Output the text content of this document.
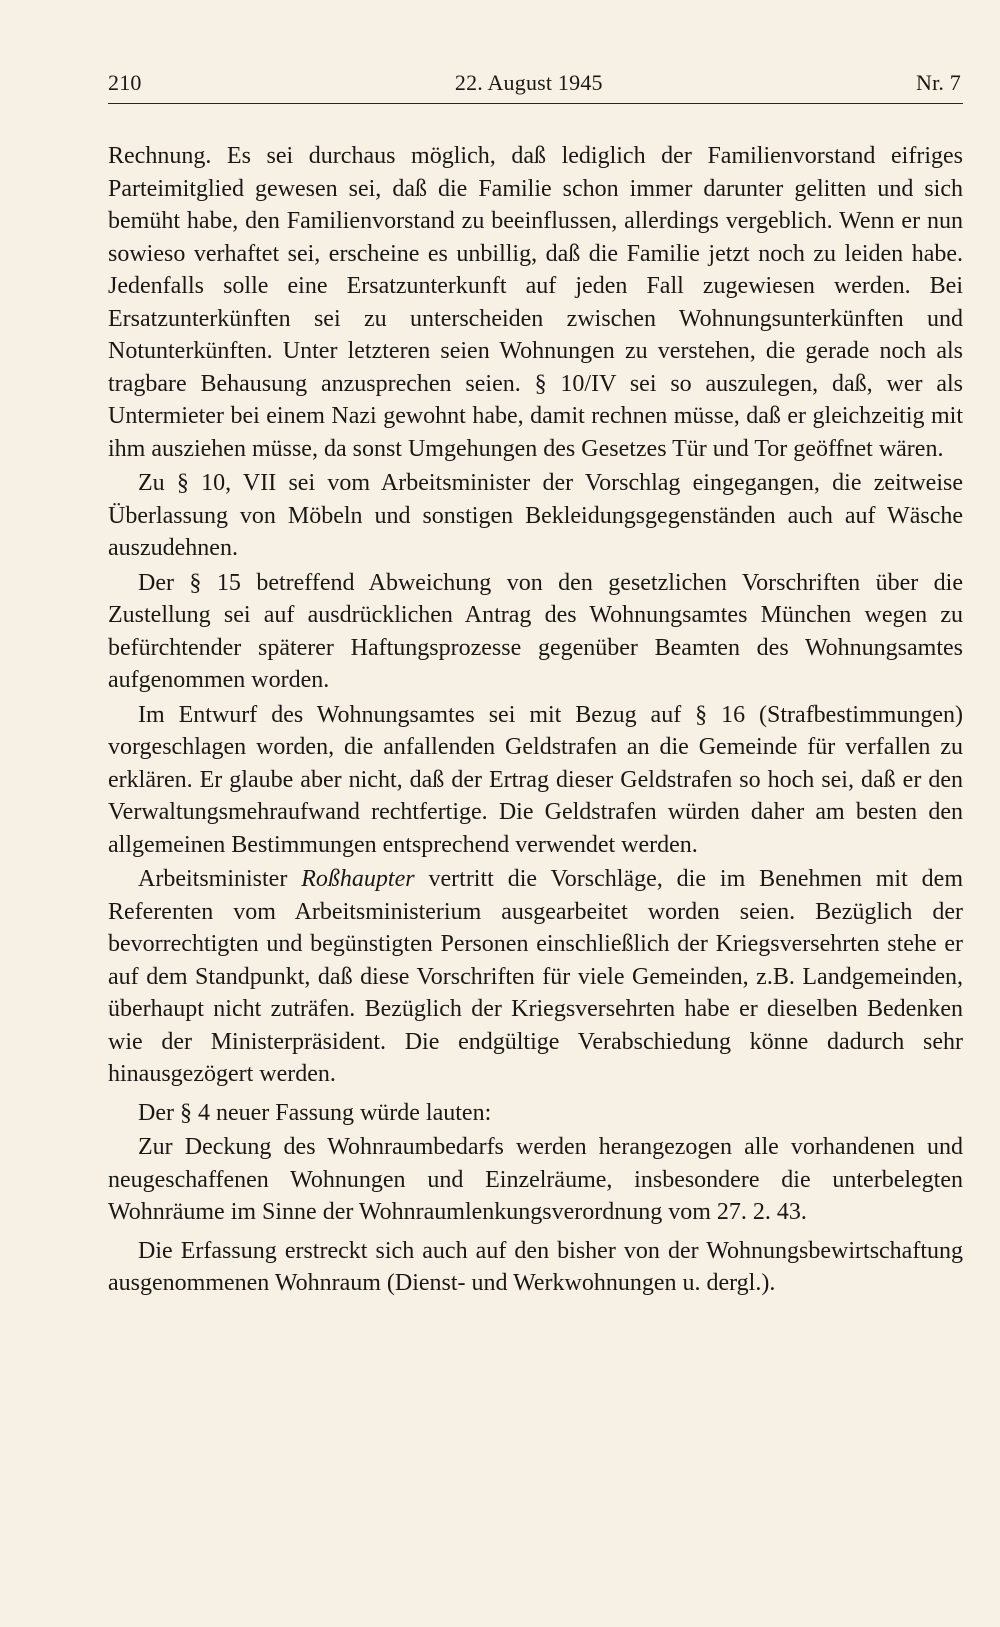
210	22. August 1945	Nr. 7

Rechnung. Es sei durchaus möglich, daß lediglich der Familienvorstand eifriges Parteimitglied gewesen sei, daß die Familie schon immer darunter gelitten und sich bemüht habe, den Familienvorstand zu beeinflussen, allerdings vergeblich. Wenn er nun sowieso verhaftet sei, erscheine es unbillig, daß die Familie jetzt noch zu leiden habe. Jedenfalls solle eine Ersatzunterkunft auf jeden Fall zugewiesen werden. Bei Ersatzunterkünften sei zu unterscheiden zwischen Wohnungsunterkünften und Notunterkünften. Unter letzteren seien Wohnungen zu verstehen, die gerade noch als tragbare Behausung anzusprechen seien. § 10/IV sei so auszulegen, daß, wer als Untermieter bei einem Nazi gewohnt habe, damit rechnen müsse, daß er gleichzeitig mit ihm ausziehen müsse, da sonst Umgehungen des Gesetzes Tür und Tor geöffnet wären.

Zu § 10, VII sei vom Arbeitsminister der Vorschlag eingegangen, die zeitweise Überlassung von Möbeln und sonstigen Bekleidungsgegenständen auch auf Wäsche auszudehnen.

Der § 15 betreffend Abweichung von den gesetzlichen Vorschriften über die Zustellung sei auf ausdrücklichen Antrag des Wohnungsamtes München wegen zu befürchtender späterer Haftungsprozesse gegenüber Beamten des Wohnungsamtes aufgenommen worden.

Im Entwurf des Wohnungsamtes sei mit Bezug auf § 16 (Strafbestimmungen) vorgeschlagen worden, die anfallenden Geldstrafen an die Gemeinde für verfallen zu erklären. Er glaube aber nicht, daß der Ertrag dieser Geldstrafen so hoch sei, daß er den Verwaltungsmehraufwand rechtfertige. Die Geldstrafen würden daher am besten den allgemeinen Bestimmungen entsprechend verwendet werden.

Arbeitsminister Roßhaupter vertritt die Vorschläge, die im Benehmen mit dem Referenten vom Arbeitsministerium ausgearbeitet worden seien. Bezüglich der bevorrechtigten und begünstigten Personen einschließlich der Kriegsversehrten stehe er auf dem Standpunkt, daß diese Vorschriften für viele Gemeinden, z.B. Landgemeinden, überhaupt nicht zuträfen. Bezüglich der Kriegsversehrten habe er dieselben Bedenken wie der Ministerpräsident. Die endgültige Verabschiedung könne dadurch sehr hinausgezögert werden.

Der § 4 neuer Fassung würde lauten:

Zur Deckung des Wohnraumbedarfs werden herangezogen alle vorhandenen und neugeschaffenen Wohnungen und Einzelräume, insbesondere die unterbelegten Wohnräume im Sinne der Wohnraumlenkungsverordnung vom 27. 2. 43.

Die Erfassung erstreckt sich auch auf den bisher von der Wohnungsbewirtschaftung ausgenommenen Wohnraum (Dienst- und Werkwohnungen u. dergl.).
